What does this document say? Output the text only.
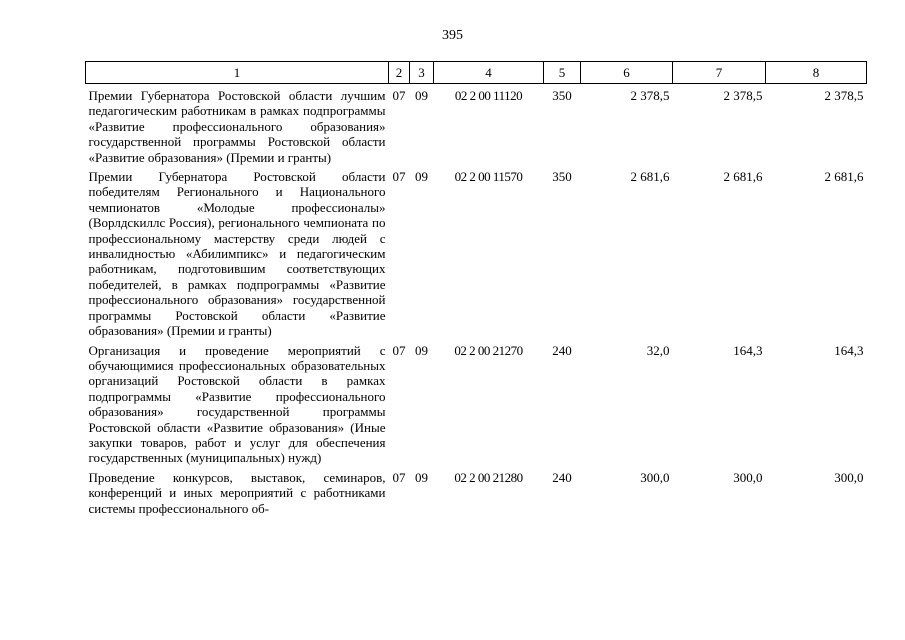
395
1	2	3	4	5	6	7	8
Премии Губернатора Ростовской области лучшим педагогическим работникам в рамках подпрограммы «Развитие профессионального образования» государственной программы Ростовской области «Развитие образования» (Премии и гранты)	07	09	02 2 00 11120	350	2 378,5	2 378,5	2 378,5
Премии Губернатора Ростовской области победителям Регионального и Национального чемпионатов «Молодые профессионалы» (Ворлдскиллс Россия), регионального чемпионата по профессиональному мастерству среди людей с инвалидностью «Абилимпикс» и педагогическим работникам, подготовившим соответствующих победителей, в рамках подпрограммы «Развитие профессионального образования» государственной программы Ростовской области «Развитие образования» (Премии и гранты)	07	09	02 2 00 11570	350	2 681,6	2 681,6	2 681,6
Организация и проведение мероприятий с обучающимися профессиональных образовательных организаций Ростовской области в рамках подпрограммы «Развитие профессионального образования» государственной программы Ростовской области «Развитие образования» (Иные закупки товаров, работ и услуг для обеспечения государственных (муниципальных) нужд)	07	09	02 2 00 21270	240	32,0	164,3	164,3
Проведение конкурсов, выставок, семинаров, конференций и иных мероприятий с работниками системы профессионального об-	07	09	02 2 00 21280	240	300,0	300,0	300,0
